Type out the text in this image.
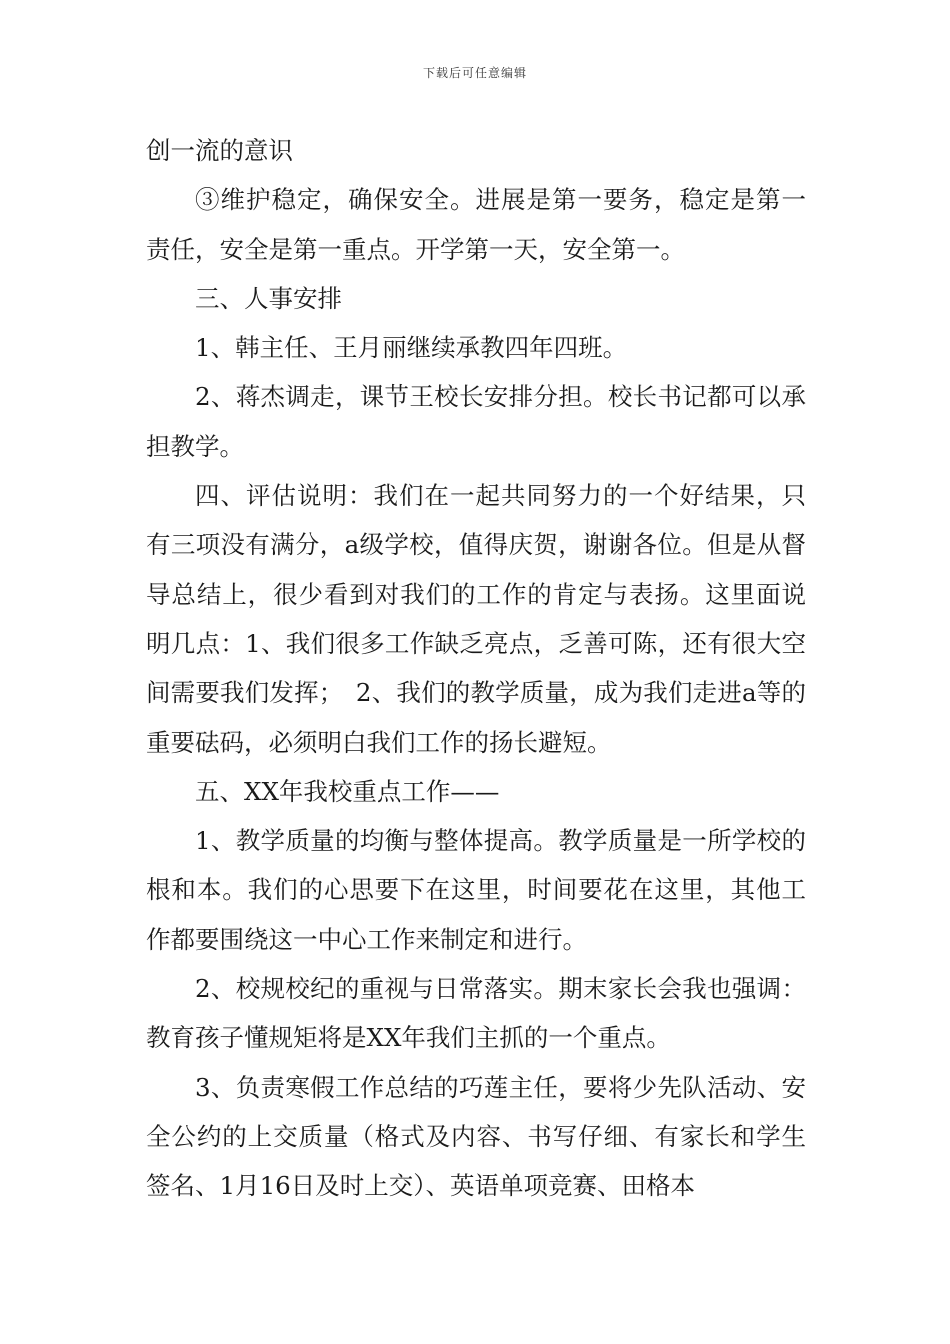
下载后可任意编辑

创一流的意识

③维护稳定，确保安全。进展是第一要务，稳定是第一责任，安全是第一重点。开学第一天，安全第一。

三、人事安排

1、韩主任、王月丽继续承教四年四班。

2、蒋杰调走，课节王校长安排分担。校长书记都可以承担教学。

四、评估说明：我们在一起共同努力的一个好结果，只有三项没有满分，a级学校，值得庆贺，谢谢各位。但是从督导总结上，很少看到对我们的工作的肯定与表扬。这里面说明几点：1、我们很多工作缺乏亮点，乏善可陈，还有很大空间需要我们发挥；　2、我们的教学质量，成为我们走进a等的重要砝码，必须明白我们工作的扬长避短。

五、XX年我校重点工作——

1、教学质量的均衡与整体提高。教学质量是一所学校的根和本。我们的心思要下在这里，时间要花在这里，其他工作都要围绕这一中心工作来制定和进行。

2、校规校纪的重视与日常落实。期末家长会我也强调：教育孩子懂规矩将是XX年我们主抓的一个重点。

3、负责寒假工作总结的巧莲主任，要将少先队活动、安全公约的上交质量（格式及内容、书写仔细、有家长和学生签名、1月16日及时上交）、英语单项竞赛、田格本
